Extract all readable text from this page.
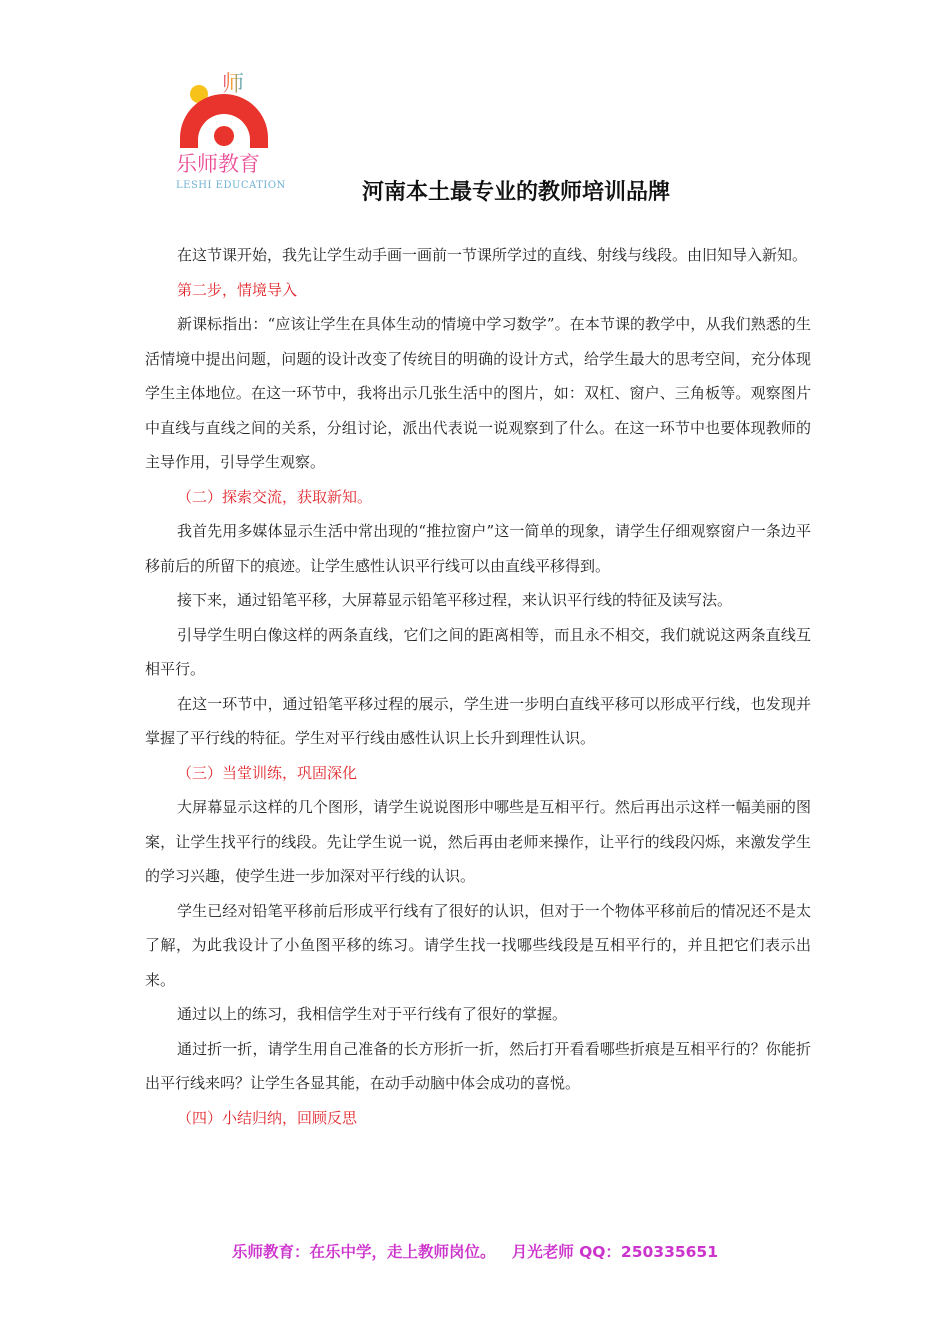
师
乐师教育
LESHI EDUCATION	河南本土最专业的教师培训品牌

在这节课开始，我先让学生动手画一画前一节课所学过的直线、射线与线段。由旧知导入新知。

第二步，情境导入

新课标指出：“应该让学生在具体生动的情境中学习数学”。在本节课的教学中，从我们熟悉的生活情境中提出问题，问题的设计改变了传统目的明确的设计方式，给学生最大的思考空间，充分体现学生主体地位。在这一环节中，我将出示几张生活中的图片，如：双杠、窗户、三角板等。观察图片中直线与直线之间的关系，分组讨论，派出代表说一说观察到了什么。在这一环节中也要体现教师的主导作用，引导学生观察。

（二）探索交流，获取新知。

我首先用多媒体显示生活中常出现的“推拉窗户”这一简单的现象，请学生仔细观察窗户一条边平移前后的所留下的痕迹。让学生感性认识平行线可以由直线平移得到。

接下来，通过铅笔平移，大屏幕显示铅笔平移过程，来认识平行线的特征及读写法。

引导学生明白像这样的两条直线，它们之间的距离相等，而且永不相交，我们就说这两条直线互相平行。

在这一环节中，通过铅笔平移过程的展示，学生进一步明白直线平移可以形成平行线，也发现并掌握了平行线的特征。学生对平行线由感性认识上长升到理性认识。

（三）当堂训练，巩固深化

大屏幕显示这样的几个图形，请学生说说图形中哪些是互相平行。然后再出示这样一幅美丽的图案，让学生找平行的线段。先让学生说一说，然后再由老师来操作，让平行的线段闪烁，来激发学生的学习兴趣，使学生进一步加深对平行线的认识。

学生已经对铅笔平移前后形成平行线有了很好的认识，但对于一个物体平移前后的情况还不是太了解，为此我设计了小鱼图平移的练习。请学生找一找哪些线段是互相平行的，并且把它们表示出来。

通过以上的练习，我相信学生对于平行线有了很好的掌握。

通过折一折，请学生用自己准备的长方形折一折，然后打开看看哪些折痕是互相平行的？你能折出平行线来吗？让学生各显其能，在动手动脑中体会成功的喜悦。

（四）小结归纳，回顾反思

乐师教育：在乐中学，走上教师岗位。 月光老师 QQ：250335651
